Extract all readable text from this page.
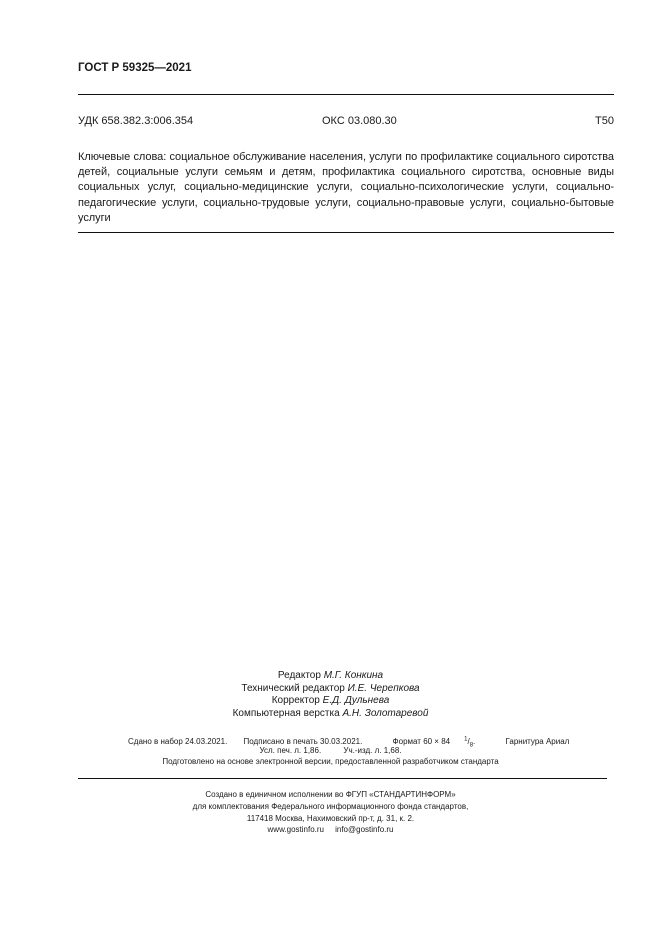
ГОСТ Р 59325—2021
УДК 658.382.3:006.354	ОКС 03.080.30	Т50
Ключевые слова: социальное обслуживание населения, услуги по профилактике социального сиротства детей, социальные услуги семьям и детям, профилактика социального сиротства, основные виды социальных услуг, социально-медицинские услуги, социально-психологические услуги, социально-педагогические услуги, социально-трудовые услуги, социально-правовые услуги, социально-бытовые услуги
Редактор М.Г. Конкина
Технический редактор И.Е. Черепкова
Корректор Е.Д. Дульнева
Компьютерная верстка А.Н. Золотаревой
Сдано в набор 24.03.2021. Подписано в печать 30.03.2021.	Формат 60 × 84 $^1/_8$.	Гарнитура Ариал
Усл. печ. л. 1,86.	Уч.-изд. л. 1,68.
Подготовлено на основе электронной версии, предоставленной разработчиком стандарта
Создано в единичном исполнении во ФГУП «СТАНДАРТИНФОРМ»
для комплектования Федерального информационного фонда стандартов,
117418 Москва, Нахимовский пр-т, д. 31, к. 2.
www.gostinfo.ru info@gostinfo.ru
